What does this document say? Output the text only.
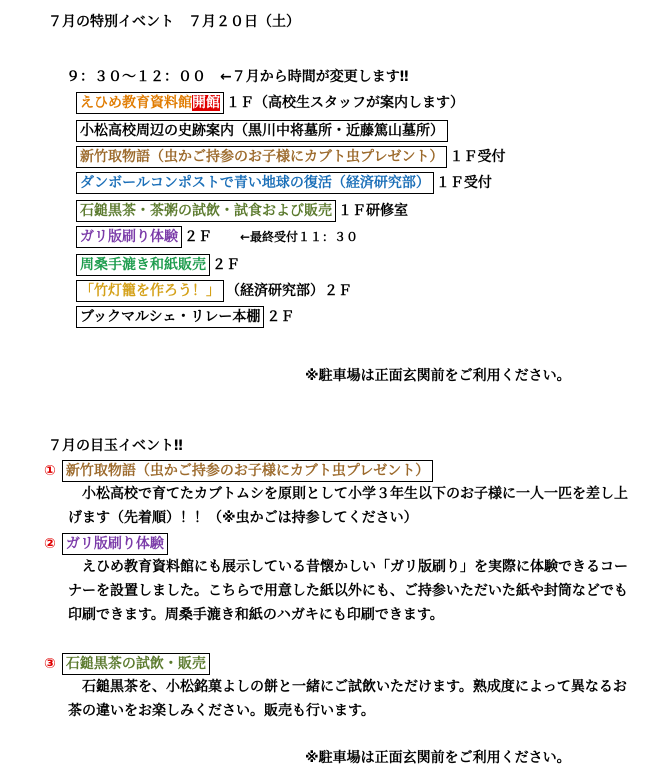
７月の特別イベント　７月２０日（土）
９：３０～１２：００　←７月から時間が変更します‼
えひめ教育資料館開館 １Ｆ（高校生スタッフが案内します）
小松高校周辺の史跡案内（黒川中将墓所・近藤篤山墓所）
新竹取物語（虫かご持参のお子様にカブト虫プレゼント） １Ｆ受付
ダンボールコンポストで青い地球の復活（経済研究部） １Ｆ受付
石鎚黒茶・茶粥の試飲・試食および販売 １Ｆ研修室
ガリ版刷り体験 ２Ｆ ←最終受付１１：３０
周桑手漉き和紙販売 ２Ｆ
「竹灯籠を作ろう！」 （経済研究部）２Ｆ
ブックマルシェ・リレー本棚 ２Ｆ
※駐車場は正面玄関前をご利用ください。
７月の目玉イベント‼
① 新竹取物語（虫かご持参のお子様にカブト虫プレゼント）
　小松高校で育てたカブトムシを原則として小学３年生以下のお子様に一人一匹を差し上げます（先着順）！！（※虫かごは持参してください）
② ガリ版刷り体験
　えひめ教育資料館にも展示している昔懐かしい「ガリ版刷り」を実際に体験できるコーナーを設置しました。こちらで用意した紙以外にも、ご持参いただいた紙や封筒などでも印刷できます。周桑手漉き和紙のハガキにも印刷できます。
③ 石鎚黒茶の試飲・販売
　石鎚黒茶を、小松銘菓よしの餅と一緒にご試飲いただけます。熟成度によって異なるお茶の違いをお楽しみください。販売も行います。
※駐車場は正面玄関前をご利用ください。
